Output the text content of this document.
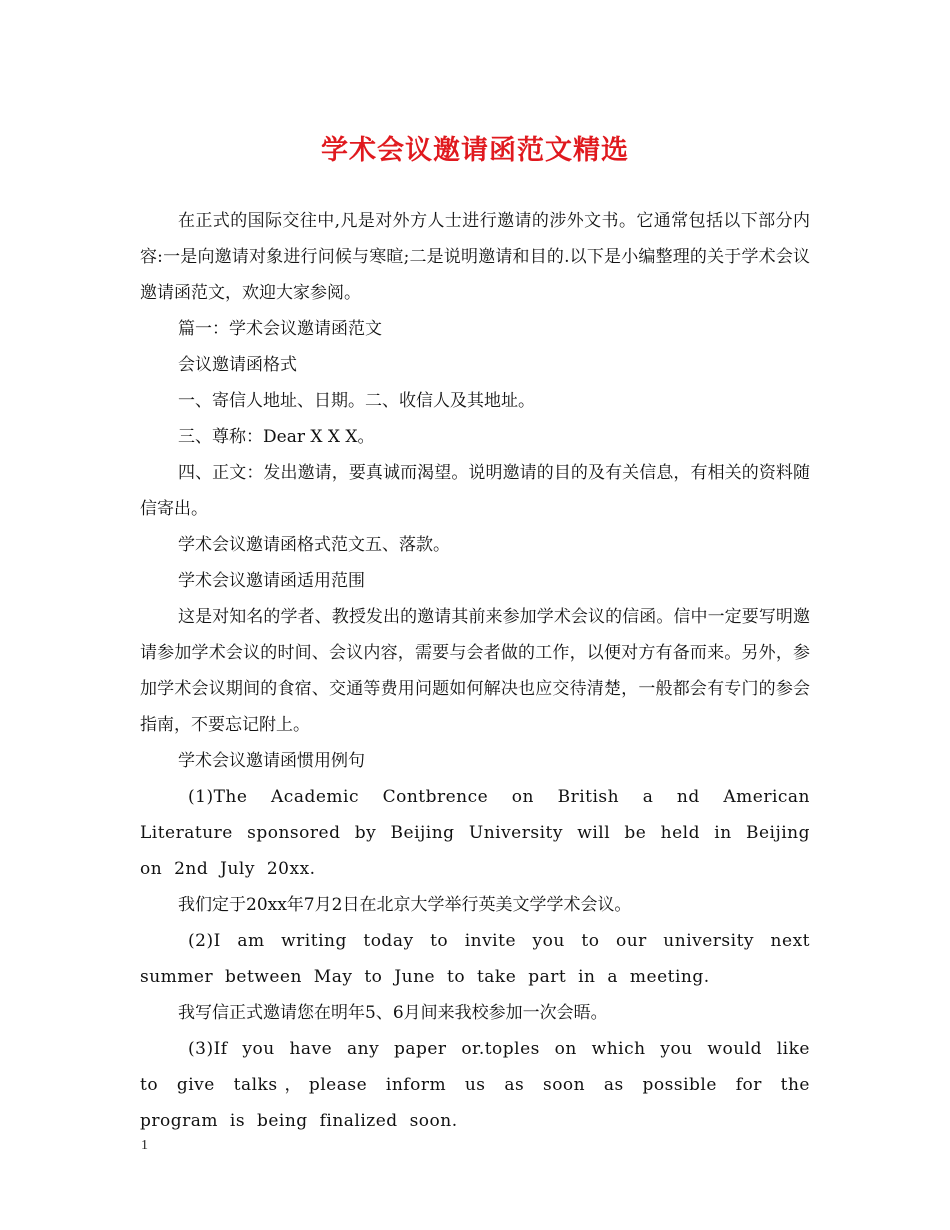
学术会议邀请函范文精选

在正式的国际交往中,凡是对外方人士进行邀请的涉外文书。它通常包括以下部分内容:一是向邀请对象进行问候与寒暄;二是说明邀请和目的.以下是小编整理的关于学术会议邀请函范文，欢迎大家参阅。

篇一：学术会议邀请函范文

会议邀请函格式

一、寄信人地址、日期。二、收信人及其地址。

三、尊称：Dear X X X。

四、正文：发出邀请，要真诚而渴望。说明邀请的目的及有关信息，有相关的资料随信寄出。

学术会议邀请函格式范文五、落款。

学术会议邀请函适用范围

这是对知名的学者、教授发出的邀请其前来参加学术会议的信函。信中一定要写明邀请参加学术会议的时间、会议内容，需要与会者做的工作，以便对方有备而来。另外，参加学术会议期间的食宿、交通等费用问题如何解决也应交待清楚，一般都会有专门的参会指南，不要忘记附上。

学术会议邀请函惯用例句

(1)The Academic Contbrence on British a nd American Literature sponsored by Beijing University will be held in Beijing on 2nd July 20xx.

我们定于20xx年7月2日在北京大学举行英美文学学术会议。

(2)I am writing today to invite you to our university next summer between May to June to take part in a meeting.

我写信正式邀请您在明年5、6月间来我校参加一次会晤。

(3)If you have any paper or.toples on which you would like to give talks，please inform us as soon as possible for the program is being finalized soon.

1
